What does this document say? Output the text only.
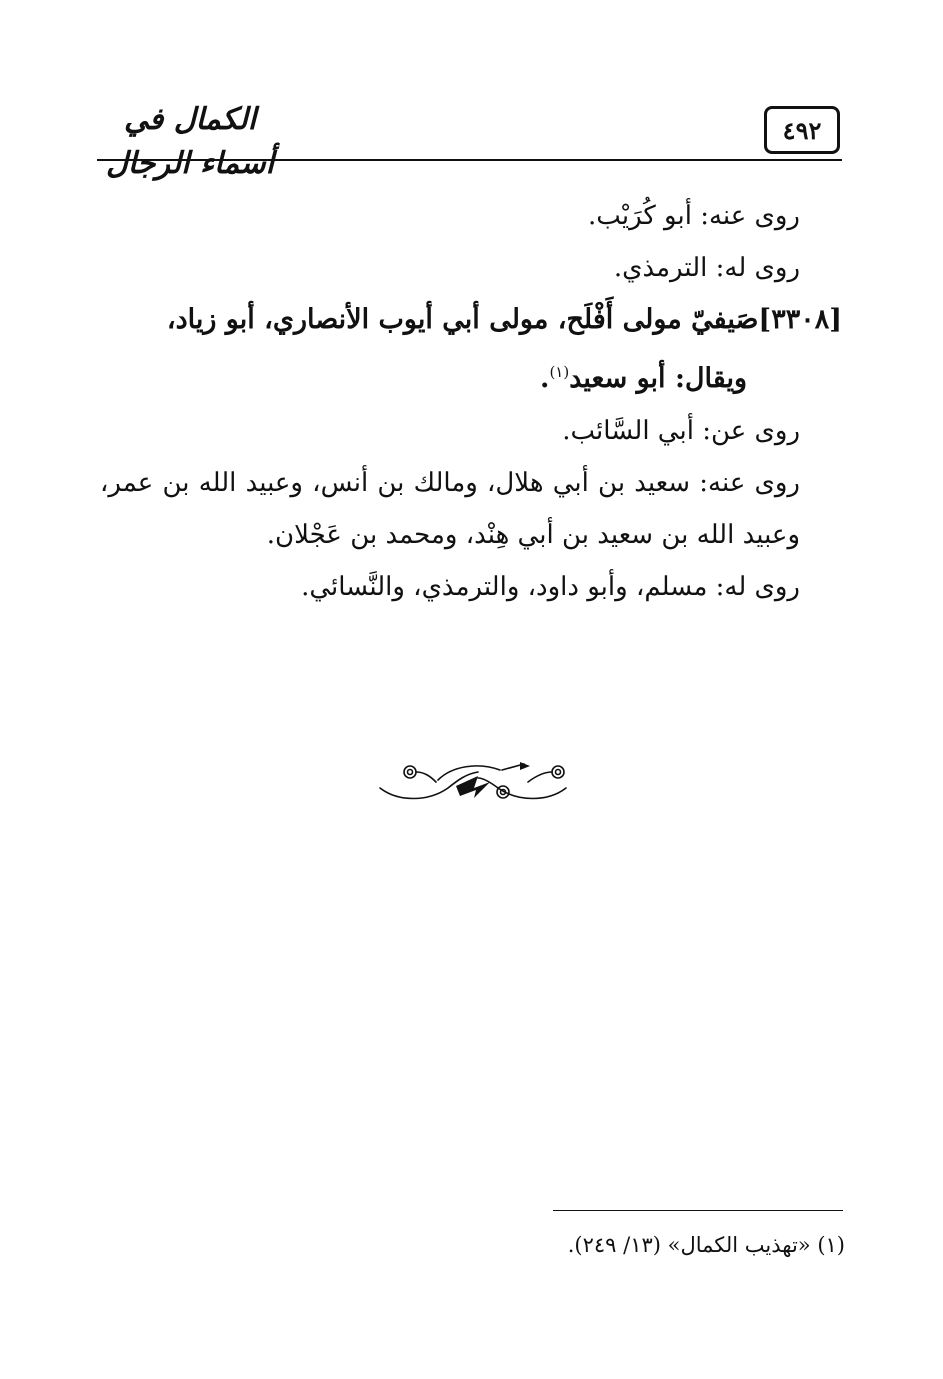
الكمال في أسماء الرجال
٤٩٢

روى عنه: أبو كُرَيْب.

روى له: الترمذي.

[٣٣٠٨]صَيفيّ مولى أَفْلَح، مولى أبي أيوب الأنصاري، أبو زياد،

ويقال: أبو سعيد$^{(١)}$.

روى عن: أبي السَّائب.

روى عنه: سعيد بن أبي هلال، ومالك بن أنس، وعبيد الله بن عمر، وعبيد الله بن سعيد بن أبي هِنْد، ومحمد بن عَجْلان.

روى له: مسلم، وأبو داود، والترمذي، والنَّسائي.

(١) «تهذيب الكمال» (١٣/ ٢٤٩).
